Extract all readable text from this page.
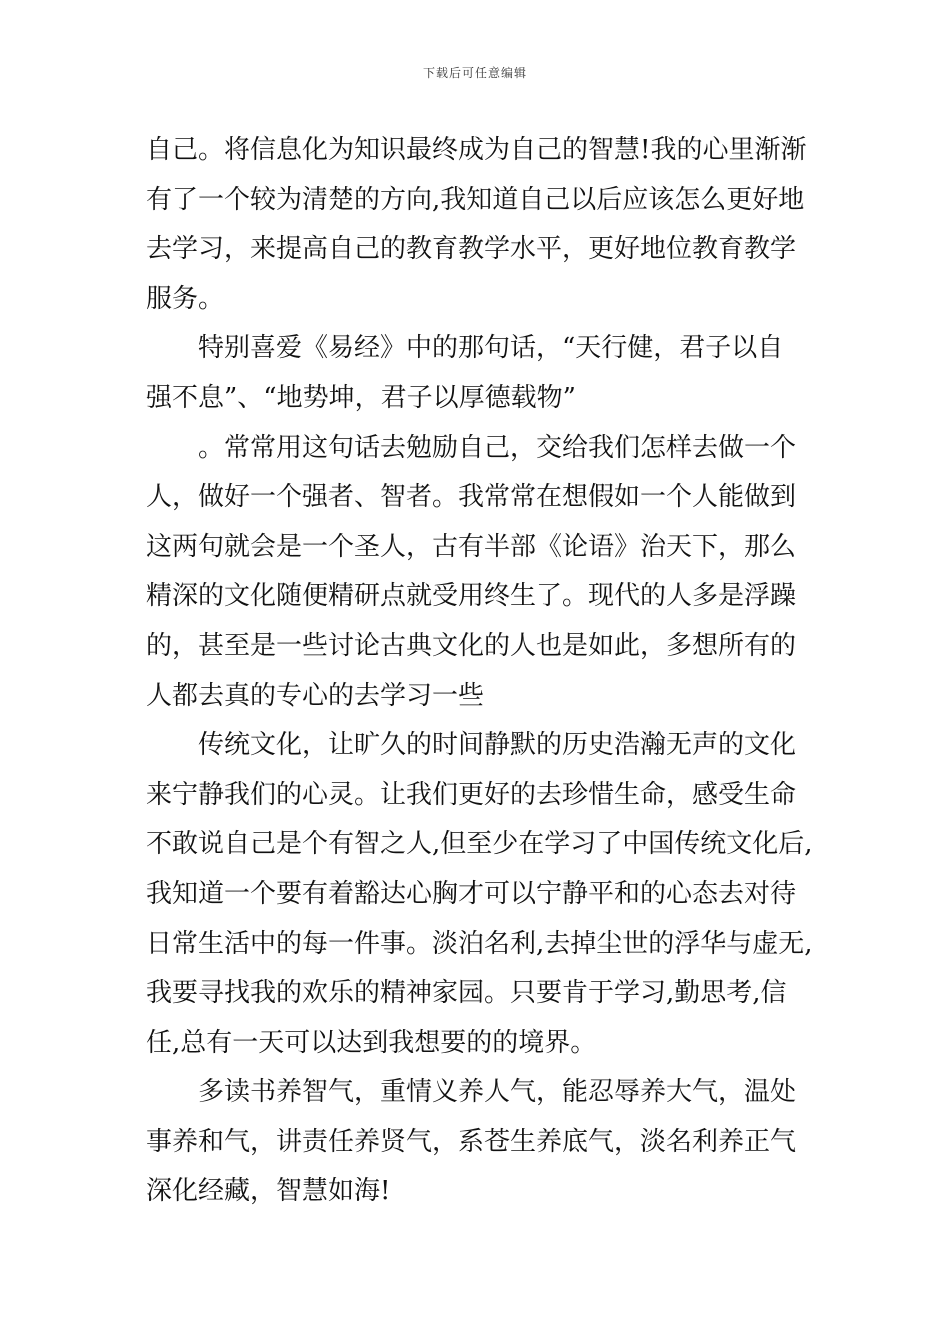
下载后可任意编辑
自己。将信息化为知识最终成为自己的智慧!我的心里渐渐
有了一个较为清楚的方向,我知道自己以后应该怎么更好地
去学习，来提高自己的教育教学水平，更好地位教育教学
服务。
特别喜爱《易经》中的那句话，“天行健，君子以自
强不息”、“地势坤，君子以厚德载物”
。常常用这句话去勉励自己，交给我们怎样去做一个
人，做好一个强者、智者。我常常在想假如一个人能做到
这两句就会是一个圣人，古有半部《论语》治天下，那么
精深的文化随便精研点就受用终生了。现代的人多是浮躁
的，甚至是一些讨论古典文化的人也是如此，多想所有的
人都去真的专心的去学习一些
传统文化，让旷久的时间静默的历史浩瀚无声的文化
来宁静我们的心灵。让我们更好的去珍惜生命，感受生命
不敢说自己是个有智之人,但至少在学习了中国传统文化后,
我知道一个要有着豁达心胸才可以宁静平和的心态去对待
日常生活中的每一件事。淡泊名利,去掉尘世的浮华与虚无,
我要寻找我的欢乐的精神家园。只要肯于学习,勤思考,信
任,总有一天可以达到我想要的的境界。
多读书养智气，重情义养人气，能忍辱养大气，温处
事养和气，讲责任养贤气，系苍生养底气，淡名利养正气
深化经藏，智慧如海!
